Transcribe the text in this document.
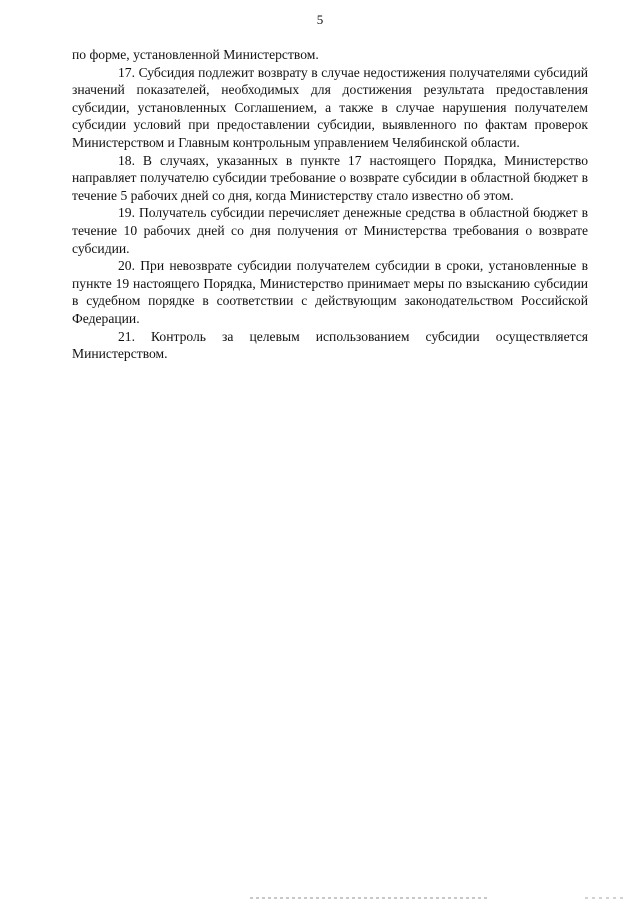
5

по форме, установленной Министерством.

17. Субсидия подлежит возврату в случае недостижения получателями субсидий значений показателей, необходимых для достижения результата предоставления субсидии, установленных Соглашением, а также в случае нарушения получателем субсидии условий при предоставлении субсидии, выявленного по фактам проверок Министерством и Главным контрольным управлением Челябинской области.

18. В случаях, указанных в пункте 17 настоящего Порядка, Министерство направляет получателю субсидии требование о возврате субсидии в областной бюджет в течение 5 рабочих дней со дня, когда Министерству стало известно об этом.

19. Получатель субсидии перечисляет денежные средства в областной бюджет в течение 10 рабочих дней со дня получения от Министерства требования о возврате субсидии.

20. При невозврате субсидии получателем субсидии в сроки, установленные в пункте 19 настоящего Порядка, Министерство принимает меры по взысканию субсидии в судебном порядке в соответствии с действующим законодательством Российской Федерации.

21. Контроль за целевым использованием субсидии осуществляется Министерством.
